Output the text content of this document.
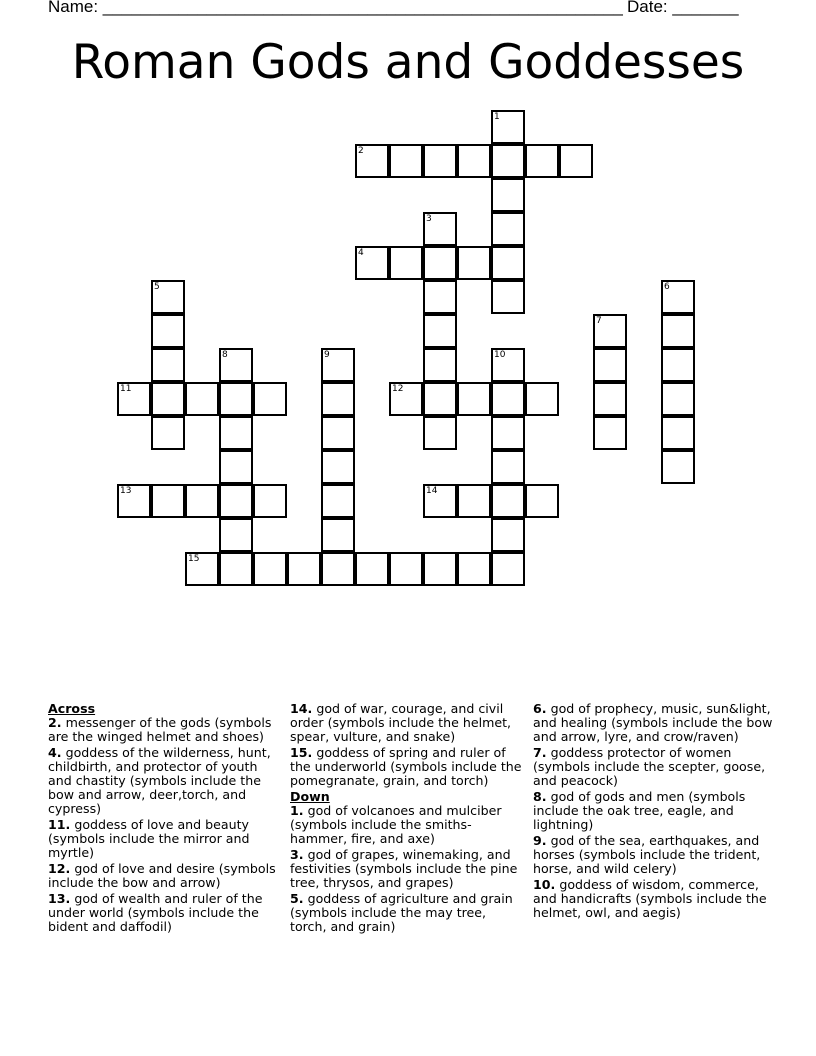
Name: _______________________________________________________ Date: _______
Roman Gods and Goddesses
2
4
11	12
13	14
15
1
3
5	6
7
8	9	10

Across

2. messenger of the gods (symbols are the winged helmet and shoes)

4. goddess of the wilderness, hunt, childbirth, and protector of youth and chastity (symbols include the bow and arrow, deer,torch, and cypress)

11. goddess of love and beauty (symbols include the mirror and myrtle)

12. god of love and desire (symbols include the bow and arrow)

13. god of wealth and ruler of the under world (symbols include the bident and daffodil)

14. god of war, courage, and civil order (symbols include the helmet, spear, vulture, and snake)

15. goddess of spring and ruler of the underworld (symbols include the pomegranate, grain, and torch)

Down

1. god of volcanoes and mulciber (symbols include the smiths-hammer, fire, and axe)

3. god of grapes, winemaking, and festivities (symbols include the pine tree, thrysos, and grapes)

5. goddess of agriculture and grain (symbols include the may tree, torch, and grain)

6. god of prophecy, music, sun&light, and healing (symbols include the bow and arrow, lyre, and crow/raven)

7. goddess protector of women (symbols include the scepter, goose, and peacock)

8. god of gods and men (symbols include the oak tree, eagle, and lightning)

9. god of the sea, earthquakes, and horses (symbols include the trident, horse, and wild celery)

10. goddess of wisdom, commerce, and handicrafts (symbols include the helmet, owl, and aegis)
